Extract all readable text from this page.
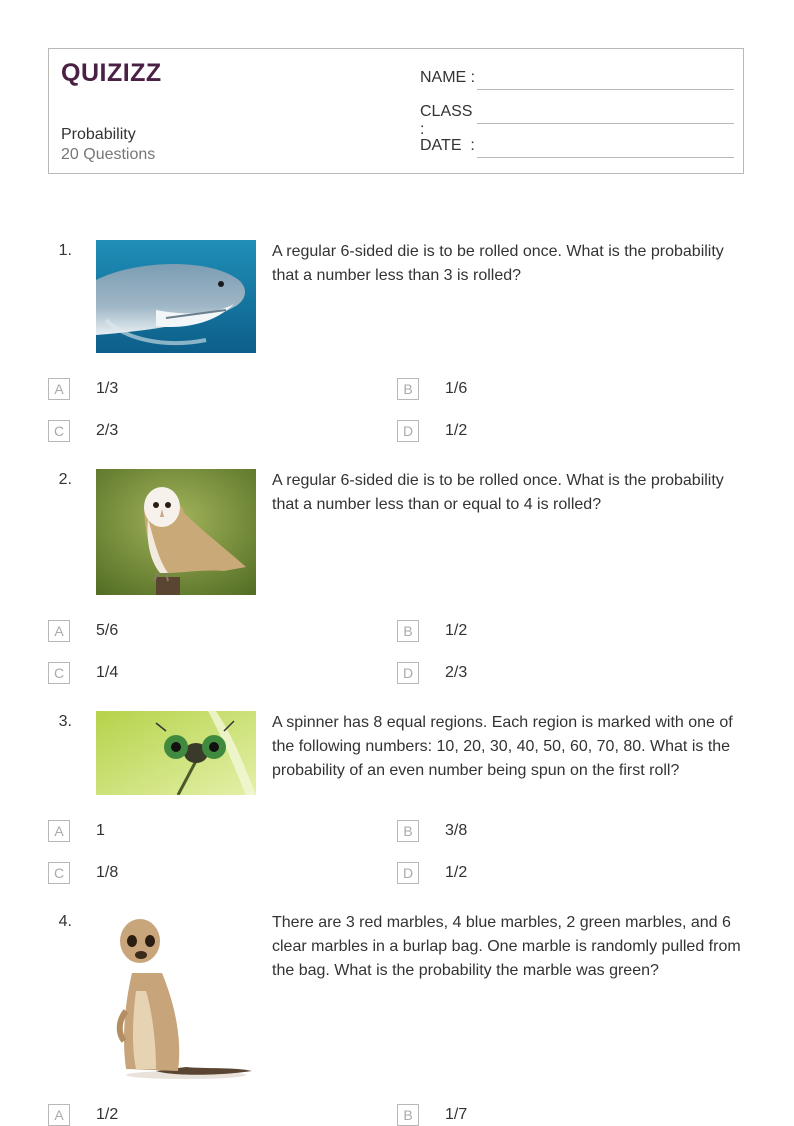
QUIZIZZ
Probability
20 Questions
NAME :
CLASS :
DATE  :
1.	A regular 6-sided die is to be rolled once. What is the probability that a number less than 3 is rolled?
A	1/3	B	1/6
C	2/3	D	1/2
2.	A regular 6-sided die is to be rolled once. What is the probability that a number less than or equal to 4 is rolled?
A	5/6	B	1/2
C	1/4	D	2/3
3.	A spinner has 8 equal regions. Each region is marked with one of the following numbers: 10, 20, 30, 40, 50, 60, 70, 80. What is the probability of an even number being spun on the first roll?
A	1	B	3/8
C	1/8	D	1/2
4.	There are 3 red marbles, 4 blue marbles, 2 green marbles, and 6 clear marbles in a burlap bag. One marble is randomly pulled from the bag. What is the probability the marble was green?
A	1/2	B	1/7
